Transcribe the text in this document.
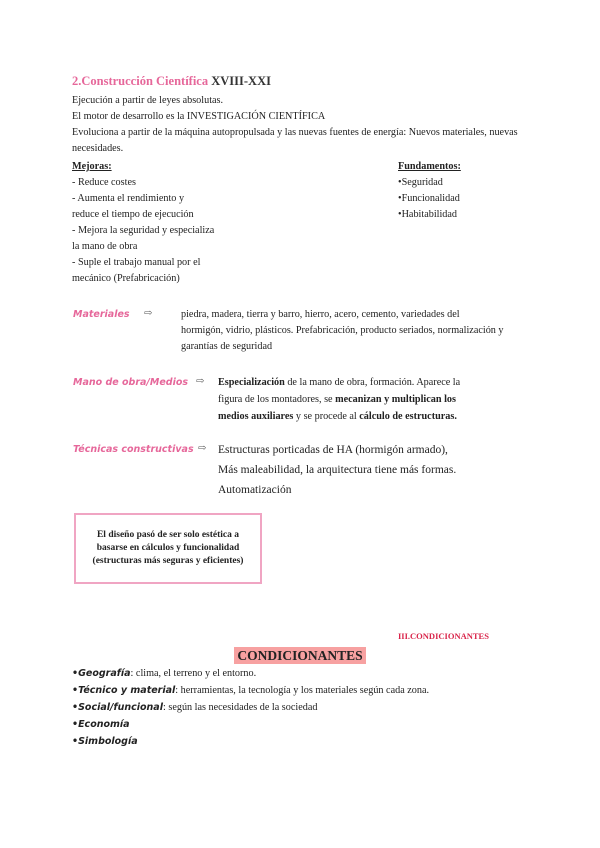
2.Construcción Científica XVIII-XXI
Ejecución a partir de leyes absolutas.
El motor de desarrollo es la INVESTIGACIÓN CIENTÍFICA
Evoluciona a partir de la máquina autopropulsada y las nuevas fuentes de energía: Nuevos materiales, nuevas
necesidades.
Mejoras:
- Reduce costes
- Aumenta el rendimiento y
reduce el tiempo de ejecución
- Mejora la seguridad y especializa
la mano de obra
- Suple el trabajo manual por el
mecánico (Prefabricación)
Fundamentos:
•Seguridad
•Funcionalidad
•Habitabilidad
Materiales ⇨	piedra, madera, tierra y barro, hierro, acero, cemento, variedades del
hormigón, vidrio, plásticos. Prefabricación, producto seriados, normalización y
garantías de seguridad
Mano de obra/Medios ⇨ Especialización de la mano de obra, formación. Aparece la
figura de los montadores, se mecanizan y multiplican los
medios auxiliares y se procede al cálculo de estructuras.
Técnicas constructivas ⇨ Estructuras porticadas de HA (hormigón armado),
Más maleabilidad, la arquitectura tiene más formas.
Automatización
El diseño pasó de ser solo estética a basarse en cálculos y funcionalidad (estructuras más seguras y eficientes)
III.CONDICIONANTES
CONDICIONANTES
•Geografía: clima, el terreno y el entorno.
•Técnico y material: herramientas, la tecnología y los materiales según cada zona.
•Social/funcional: según las necesidades de la sociedad
•Economía
•Simbología
